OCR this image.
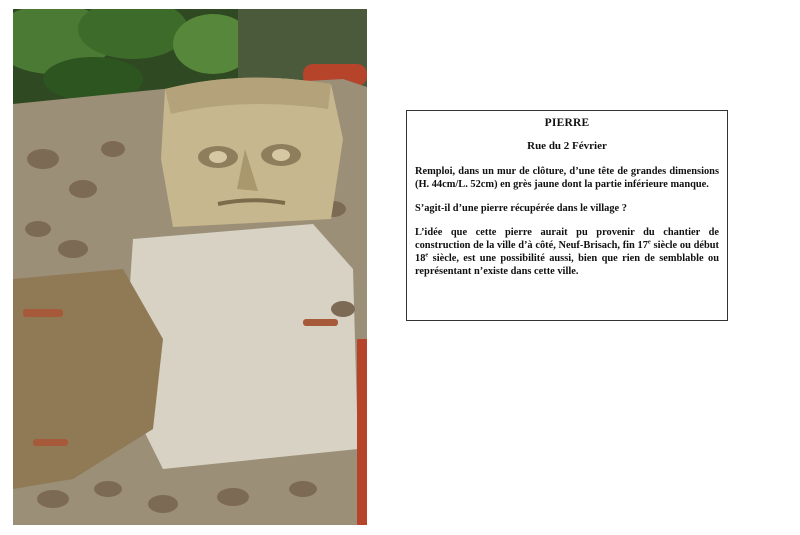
PIERRE
Rue du 2 Février

Remploi, dans un mur de clôture, d’une tête de grandes dimensions (H. 44cm/L. 52cm) en grès jaune dont la partie inférieure manque.

S’agit-il d’une pierre récupérée dans le village ?

L’idée que cette pierre aurait pu provenir du chantier de construction de la ville d’à côté, Neuf-Brisach, fin 17e siècle ou début 18e siècle, est une possibilité aussi, bien que rien de semblable ou représentant n’existe dans cette ville.
